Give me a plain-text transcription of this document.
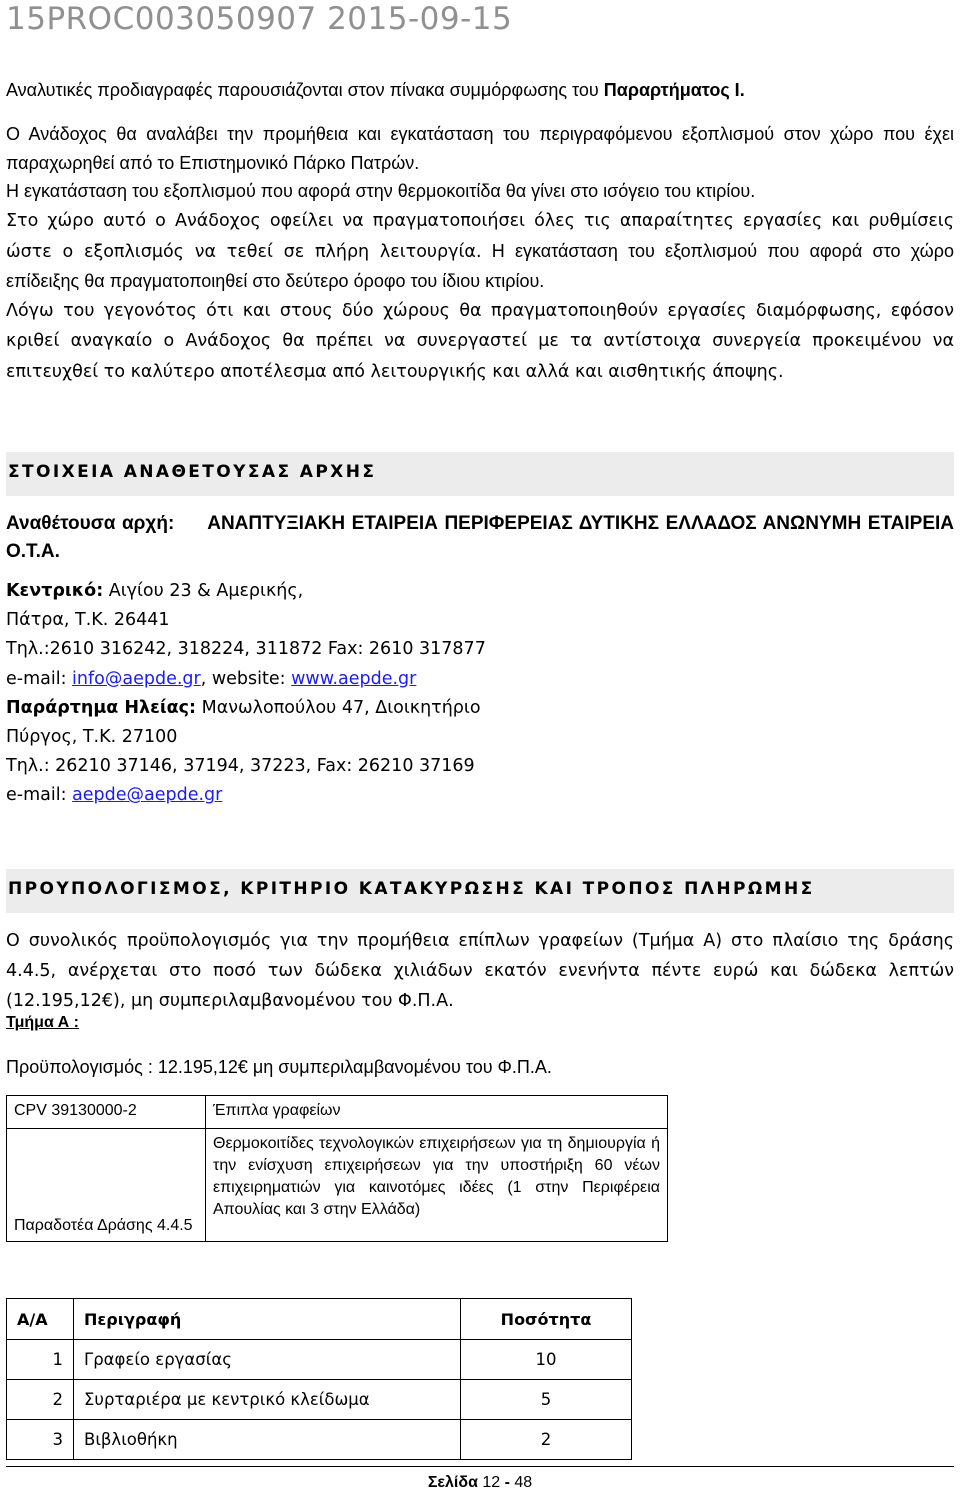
15PROC003050907 2015-09-15

Αναλυτικές προδιαγραφές παρουσιάζονται στον πίνακα συμμόρφωσης του Παραρτήματος Ι.

Ο Ανάδοχος θα αναλάβει την προμήθεια και εγκατάσταση του περιγραφόμενου εξοπλισμού στον χώρο που έχει παραχωρηθεί από το Επιστημονικό Πάρκο Πατρών.

Η εγκατάσταση του εξοπλισμού που αφορά στην θερμοκοιτίδα θα γίνει στο ισόγειο του κτιρίου.
Στο χώρο αυτό ο Ανάδοχος οφείλει να πραγματοποιήσει όλες τις απαραίτητες εργασίες και ρυθμίσεις ώστε ο εξοπλισμός να τεθεί σε πλήρη λειτουργία. Η εγκατάσταση του εξοπλισμού που αφορά στο χώρο επίδειξης θα πραγματοποιηθεί στο δεύτερο όροφο του ίδιου κτιρίου.
Λόγω του γεγονότος ότι και στους δύο χώρους θα πραγματοποιηθούν εργασίες διαμόρφωσης, εφόσον κριθεί αναγκαίο ο Ανάδοχος θα πρέπει να συνεργαστεί με τα αντίστοιχα συνεργεία προκειμένου να επιτευχθεί το καλύτερο αποτέλεσμα από λειτουργικής και αλλά και αισθητικής άποψης.

ΣΤΟΙΧΕΙΑ ΑΝΑΘΕΤΟΥΣΑΣ ΑΡΧΗΣ
Αναθέτουσα αρχή: ΑΝΑΠΤΥΞΙΑΚΗ ΕΤΑΙΡΕΙΑ ΠΕΡΙΦΕΡΕΙΑΣ ΔΥΤΙΚΗΣ ΕΛΛΑΔΟΣ ΑΝΩΝΥΜΗ ΕΤΑΙΡΕΙΑ Ο.Τ.Α.
Κεντρικό: Αιγίου 23 & Αμερικής,
Πάτρα, Τ.Κ. 26441
Τηλ.:2610 316242, 318224, 311872 Fax: 2610 317877
e-mail: info@aepde.gr, website: www.aepde.gr
Παράρτημα Ηλείας: Μανωλοπούλου 47, Διοικητήριο
Πύργος, Τ.Κ. 27100
Τηλ.: 26210 37146, 37194, 37223, Fax: 26210 37169
e-mail: aepde@aepde.gr
ΠΡΟΥΠΟΛΟΓΙΣΜΟΣ, ΚΡΙΤΗΡΙΟ ΚΑΤΑΚΥΡΩΣΗΣ ΚΑΙ ΤΡΟΠΟΣ ΠΛΗΡΩΜΗΣ
Ο συνολικός προϋπολογισμός για την προμήθεια επίπλων γραφείων (Τμήμα Α) στο πλαίσιο της δράσης 4.4.5, ανέρχεται στο ποσό των δώδεκα χιλιάδων εκατόν ενενήντα πέντε ευρώ και δώδεκα λεπτών (12.195,12€), μη συμπεριλαμβανομένου του Φ.Π.Α.
Τμήμα Α :
Προϋπολογισμός : 12.195,12€ μη συμπεριλαμβανομένου του Φ.Π.Α.
CPV 39130000-2	Έπιπλα γραφείων
Παραδοτέα Δράσης 4.4.5	Θερμοκοιτίδες τεχνολογικών επιχειρήσεων για τη δημιουργία ή την ενίσχυση επιχειρήσεων για την υποστήριξη 60 νέων επιχειρηματιών για καινοτόμες ιδέες (1 στην Περιφέρεια Απουλίας και 3 στην Ελλάδα)
Α/Α	Περιγραφή	Ποσότητα
1	Γραφείο εργασίας	10
2	Συρταριέρα με κεντρικό κλείδωμα	5
3	Βιβλιοθήκη	2
Σελίδα 12 - 48
